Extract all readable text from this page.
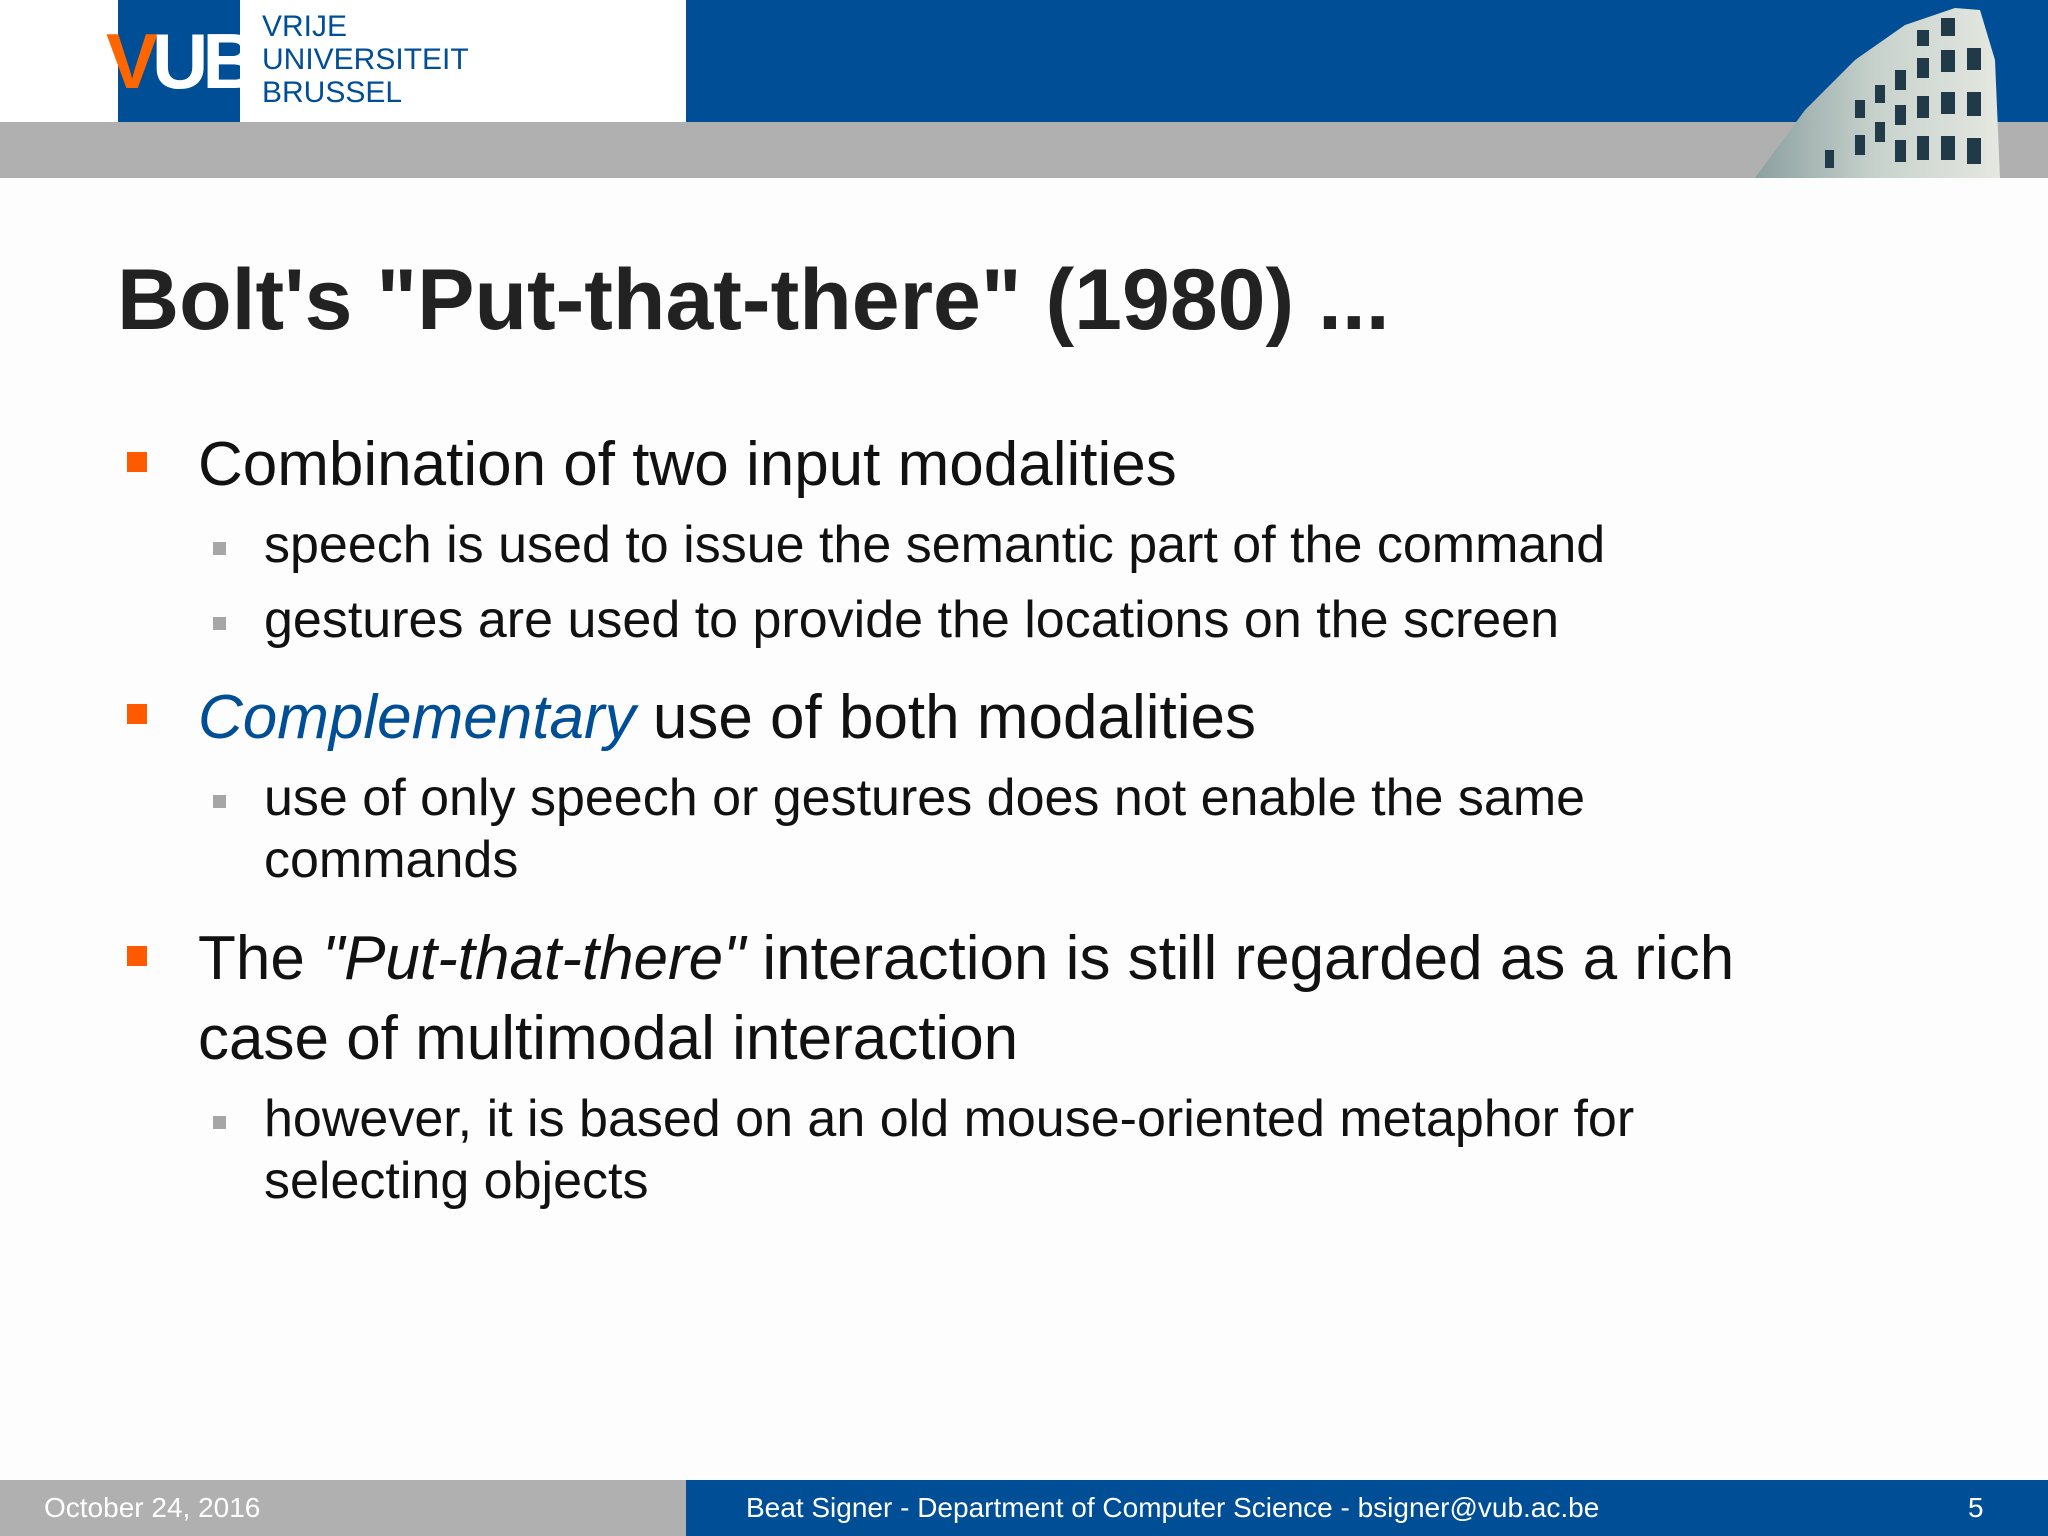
VUB VRIJE
UNIVERSITEIT
BRUSSEL
Bolt's "Put-that-there" (1980) ...
Combination of two input modalities
speech is used to issue the semantic part of the command
gestures are used to provide the locations on the screen
Complementary use of both modalities
use of only speech or gestures does not enable the same
commands
The "Put-that-there" interaction is still regarded as a rich
case of multimodal interaction
however, it is based on an old mouse-oriented metaphor for
selecting objects
October 24, 2016	Beat Signer - Department of Computer Science - bsigner@vub.ac.be	5
